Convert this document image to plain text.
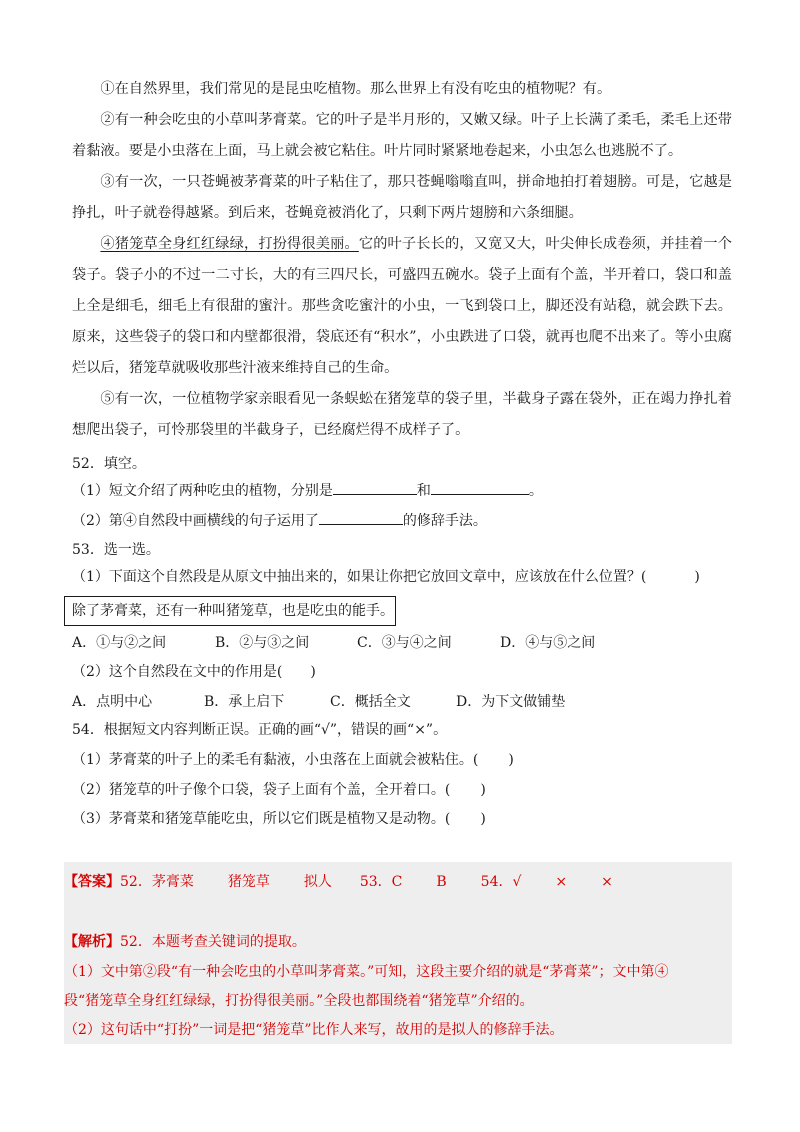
①在自然界里，我们常见的是昆虫吃植物。那么世界上有没有吃虫的植物呢？有。

②有一种会吃虫的小草叫茅膏菜。它的叶子是半月形的，又嫩又绿。叶子上长满了柔毛，柔毛上还带着黏液。要是小虫落在上面，马上就会被它粘住。叶片同时紧紧地卷起来，小虫怎么也逃脱不了。

③有一次，一只苍蝇被茅膏菜的叶子粘住了，那只苍蝇嗡嗡直叫，拼命地拍打着翅膀。可是，它越是挣扎，叶子就卷得越紧。到后来，苍蝇竟被消化了，只剩下两片翅膀和六条细腿。

④猪笼草全身红红绿绿，打扮得很美丽。它的叶子长长的，又宽又大，叶尖伸长成卷须，并挂着一个袋子。袋子小的不过一二寸长，大的有三四尺长，可盛四五碗水。袋子上面有个盖，半开着口，袋口和盖上全是细毛，细毛上有很甜的蜜汁。那些贪吃蜜汁的小虫，一飞到袋口上，脚还没有站稳，就会跌下去。原来，这些袋子的袋口和内壁都很滑，袋底还有“积水”，小虫跌进了口袋，就再也爬不出来了。等小虫腐烂以后，猪笼草就吸收那些汁液来维持自己的生命。

⑤有一次，一位植物学家亲眼看见一条蜈蚣在猪笼草的袋子里，半截身子露在袋外，正在竭力挣扎着想爬出袋子，可怜那袋里的半截身子，已经腐烂得不成样子了。

52．填空。
（1）短文介绍了两种吃虫的植物，分别是	和	。
（2）第④自然段中画横线的句子运用了	的修辞手法。
53．选一选。
（1）下面这个自然段是从原文中抽出来的，如果让你把它放回文章中，应该放在什么位置？(	)
除了茅膏菜，还有一种叫猪笼草，也是吃虫的能手。
A．①与②之间	B．②与③之间	C．③与④之间	D．④与⑤之间
（2）这个自然段在文中的作用是( )
A．点明中心	B．承上启下	C．概括全文	D．为下文做铺垫
54．根据短文内容判断正误。正确的画“√”，错误的画“×”。
（1）茅膏菜的叶子上的柔毛有黏液，小虫落在上面就会被粘住。( )
（2）猪笼草的叶子像个口袋，袋子上面有个盖，全开着口。( )
（3）茅膏菜和猪笼草能吃虫，所以它们既是植物又是动物。( )
【答案】52．茅膏菜 猪笼草 拟人 53．C B 54．√ × ×
【解析】52．本题考查关键词的提取。
（1）文中第②段“有一种会吃虫的小草叫茅膏菜。”可知，这段主要介绍的就是“茅膏菜”；文中第④
段“猪笼草全身红红绿绿，打扮得很美丽。”全段也都围绕着“猪笼草”介绍的。
（2）这句话中“打扮”一词是把“猪笼草”比作人来写，故用的是拟人的修辞手法。
